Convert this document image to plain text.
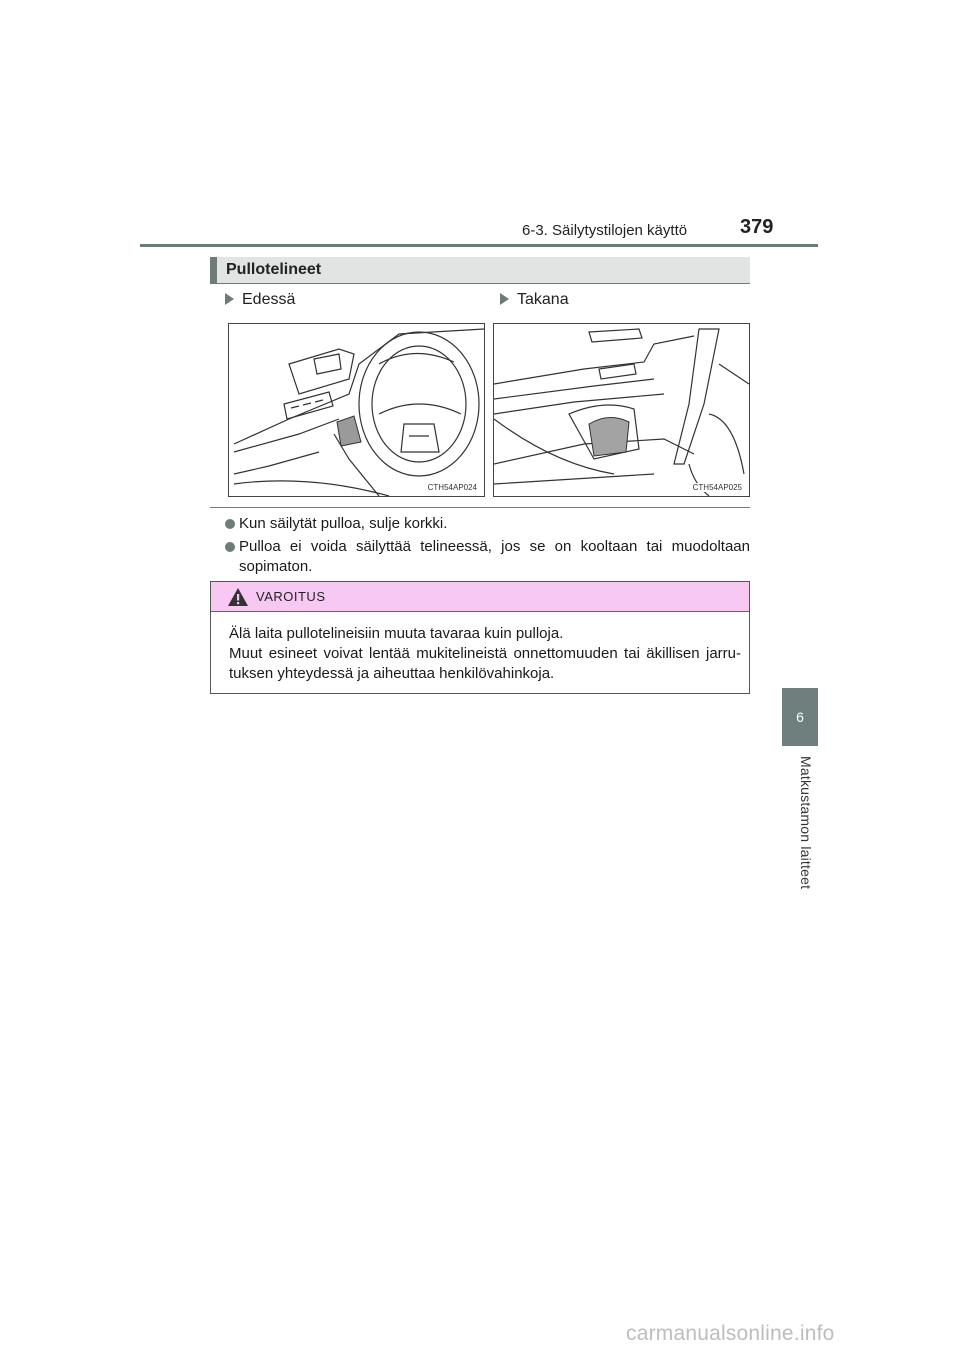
6-3. Säilytystilojen käyttö	379
6
Matkustamon laitteet
Pullotelineet
Edessä	Takana
CTH54AP024	CTH54AP025
Kun säilytät pulloa, sulje korkki.
Pulloa ei voida säilyttää telineessä, jos se on kooltaan tai muodoltaan sopimaton.
VAROITUS

Älä laita pullotelineisiin muuta tavaraa kuin pulloja.

Muut esineet voivat lentää mukitelineistä onnettomuuden tai äkillisen jarrutuksen yhteydessä ja aiheuttaa henkilövahinkoja.

carmanualsonline.info
